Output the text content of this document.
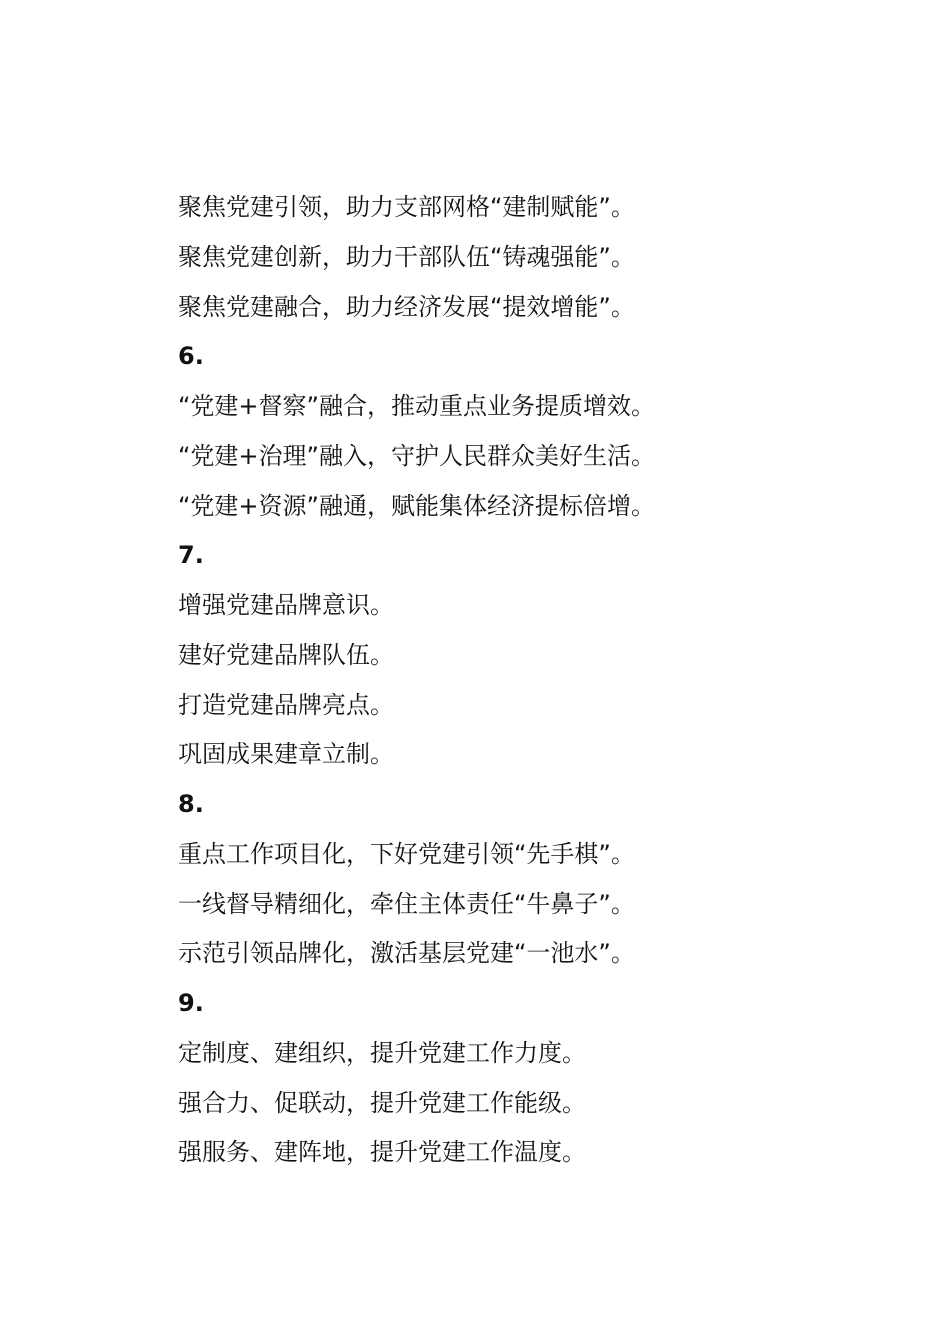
聚焦党建引领，助力支部网格“建制赋能”。
聚焦党建创新，助力干部队伍“铸魂强能”。
聚焦党建融合，助力经济发展“提效增能”。
6.
“党建+督察”融合，推动重点业务提质增效。
“党建+治理”融入，守护人民群众美好生活。
“党建+资源”融通，赋能集体经济提标倍增。
7.
增强党建品牌意识。
建好党建品牌队伍。
打造党建品牌亮点。
巩固成果建章立制。
8.
重点工作项目化，下好党建引领“先手棋”。
一线督导精细化，牵住主体责任“牛鼻子”。
示范引领品牌化，激活基层党建“一池水”。
9.
定制度、建组织，提升党建工作力度。
强合力、促联动，提升党建工作能级。
强服务、建阵地，提升党建工作温度。
